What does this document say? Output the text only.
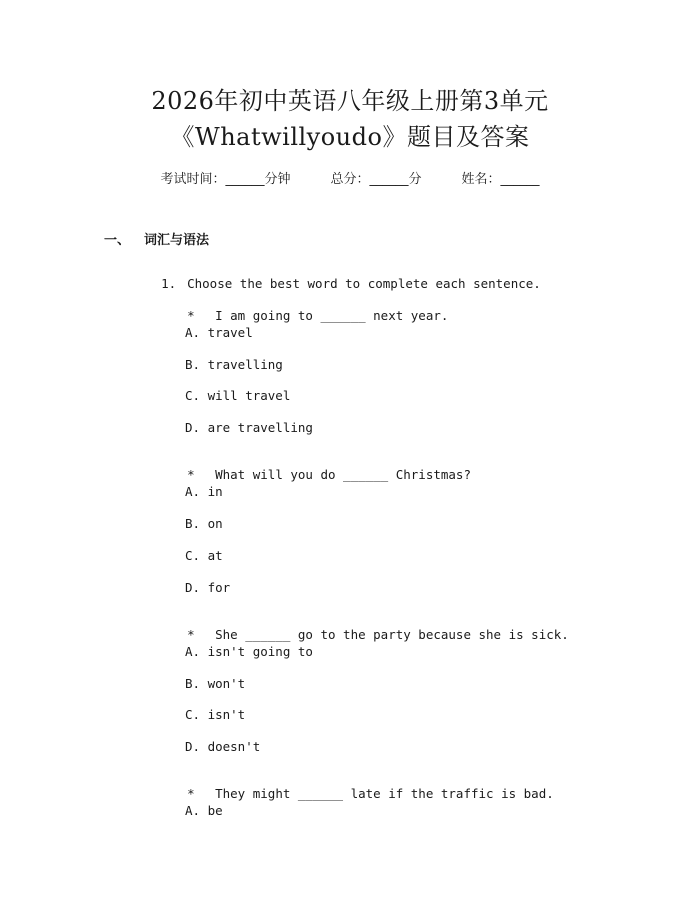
2026年初中英语八年级上册第3单元
《Whatwillyoudo》题目及答案
考试时间：______分钟	总分：______分	姓名：______
一、 词汇与语法

1. Choose the best word to complete each sentence.

* I am going to ______ next year.

A. travel
B. travelling
C. will travel
D. are travelling

* What will you do ______ Christmas?

A. in
B. on
C. at
D. for

* She ______ go to the party because she is sick.

A. isn't going to
B. won't
C. isn't
D. doesn't

* They might ______ late if the traffic is bad.

A. be
